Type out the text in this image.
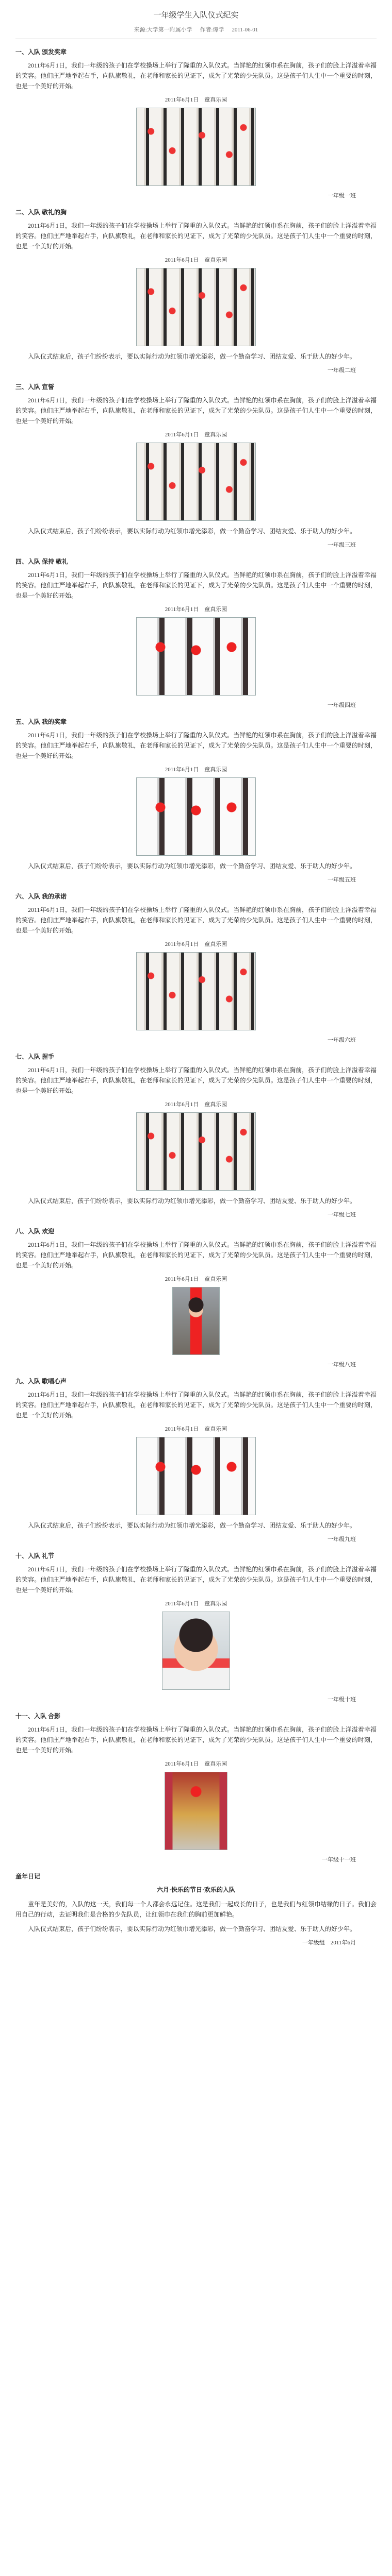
一年级学生入队仪式纪实
来源:大学第一附属小学 作者:谭学 2011-06-01
一、入队 颁发奖章

2011年6月1日，我们一年级的孩子们在学校操场上举行了隆重的入队仪式。当鲜艳的红领巾系在胸前，孩子们的脸上洋溢着幸福的笑容。他们庄严地举起右手，向队旗敬礼，在老师和家长的见证下，成为了光荣的少先队员。这是孩子们人生中一个重要的时刻，也是一个美好的开始。

2011年6月1日　童真乐园
一年级一班
二、入队 敬礼的胸

2011年6月1日，我们一年级的孩子们在学校操场上举行了隆重的入队仪式。当鲜艳的红领巾系在胸前，孩子们的脸上洋溢着幸福的笑容。他们庄严地举起右手，向队旗敬礼，在老师和家长的见证下，成为了光荣的少先队员。这是孩子们人生中一个重要的时刻，也是一个美好的开始。

2011年6月1日　童真乐园

入队仪式结束后，孩子们纷纷表示，要以实际行动为红领巾增光添彩，做一个勤奋学习、团结友爱、乐于助人的好少年。

一年级二班
三、入队 宣誓

2011年6月1日，我们一年级的孩子们在学校操场上举行了隆重的入队仪式。当鲜艳的红领巾系在胸前，孩子们的脸上洋溢着幸福的笑容。他们庄严地举起右手，向队旗敬礼，在老师和家长的见证下，成为了光荣的少先队员。这是孩子们人生中一个重要的时刻，也是一个美好的开始。

2011年6月1日　童真乐园

入队仪式结束后，孩子们纷纷表示，要以实际行动为红领巾增光添彩，做一个勤奋学习、团结友爱、乐于助人的好少年。

一年级三班
四、入队 保持 敬礼

2011年6月1日，我们一年级的孩子们在学校操场上举行了隆重的入队仪式。当鲜艳的红领巾系在胸前，孩子们的脸上洋溢着幸福的笑容。他们庄严地举起右手，向队旗敬礼，在老师和家长的见证下，成为了光荣的少先队员。这是孩子们人生中一个重要的时刻，也是一个美好的开始。

2011年6月1日　童真乐园
一年级四班
五、入队 我的奖章

2011年6月1日，我们一年级的孩子们在学校操场上举行了隆重的入队仪式。当鲜艳的红领巾系在胸前，孩子们的脸上洋溢着幸福的笑容。他们庄严地举起右手，向队旗敬礼，在老师和家长的见证下，成为了光荣的少先队员。这是孩子们人生中一个重要的时刻，也是一个美好的开始。

2011年6月1日　童真乐园

入队仪式结束后，孩子们纷纷表示，要以实际行动为红领巾增光添彩，做一个勤奋学习、团结友爱、乐于助人的好少年。

一年级五班
六、入队 我的承诺

2011年6月1日，我们一年级的孩子们在学校操场上举行了隆重的入队仪式。当鲜艳的红领巾系在胸前，孩子们的脸上洋溢着幸福的笑容。他们庄严地举起右手，向队旗敬礼，在老师和家长的见证下，成为了光荣的少先队员。这是孩子们人生中一个重要的时刻，也是一个美好的开始。

2011年6月1日　童真乐园
一年级六班
七、入队 握手

2011年6月1日，我们一年级的孩子们在学校操场上举行了隆重的入队仪式。当鲜艳的红领巾系在胸前，孩子们的脸上洋溢着幸福的笑容。他们庄严地举起右手，向队旗敬礼，在老师和家长的见证下，成为了光荣的少先队员。这是孩子们人生中一个重要的时刻，也是一个美好的开始。

2011年6月1日　童真乐园

入队仪式结束后，孩子们纷纷表示，要以实际行动为红领巾增光添彩，做一个勤奋学习、团结友爱、乐于助人的好少年。

一年级七班
八、入队 欢迎

2011年6月1日，我们一年级的孩子们在学校操场上举行了隆重的入队仪式。当鲜艳的红领巾系在胸前，孩子们的脸上洋溢着幸福的笑容。他们庄严地举起右手，向队旗敬礼，在老师和家长的见证下，成为了光荣的少先队员。这是孩子们人生中一个重要的时刻，也是一个美好的开始。

2011年6月1日　童真乐园
一年级八班
九、入队 歌唱心声

2011年6月1日，我们一年级的孩子们在学校操场上举行了隆重的入队仪式。当鲜艳的红领巾系在胸前，孩子们的脸上洋溢着幸福的笑容。他们庄严地举起右手，向队旗敬礼，在老师和家长的见证下，成为了光荣的少先队员。这是孩子们人生中一个重要的时刻，也是一个美好的开始。

2011年6月1日　童真乐园

入队仪式结束后，孩子们纷纷表示，要以实际行动为红领巾增光添彩，做一个勤奋学习、团结友爱、乐于助人的好少年。

一年级九班
十、入队 礼节

2011年6月1日，我们一年级的孩子们在学校操场上举行了隆重的入队仪式。当鲜艳的红领巾系在胸前，孩子们的脸上洋溢着幸福的笑容。他们庄严地举起右手，向队旗敬礼，在老师和家长的见证下，成为了光荣的少先队员。这是孩子们人生中一个重要的时刻，也是一个美好的开始。

2011年6月1日　童真乐园
一年级十班
十一、入队 合影

2011年6月1日，我们一年级的孩子们在学校操场上举行了隆重的入队仪式。当鲜艳的红领巾系在胸前，孩子们的脸上洋溢着幸福的笑容。他们庄严地举起右手，向队旗敬礼，在老师和家长的见证下，成为了光荣的少先队员。这是孩子们人生中一个重要的时刻，也是一个美好的开始。

2011年6月1日　童真乐园
一年级十一班
童年日记

六月·快乐的节日·欢乐的入队

童年是美好的，入队的这一天，我们每一个人都会永远记住。这是我们一起成长的日子，也是我们与红领巾结缘的日子。我们会用自己的行动，去证明我们是合格的少先队员，让红领巾在我们的胸前更加鲜艳。

入队仪式结束后，孩子们纷纷表示，要以实际行动为红领巾增光添彩，做一个勤奋学习、团结友爱、乐于助人的好少年。

一年级组　2011年6月
